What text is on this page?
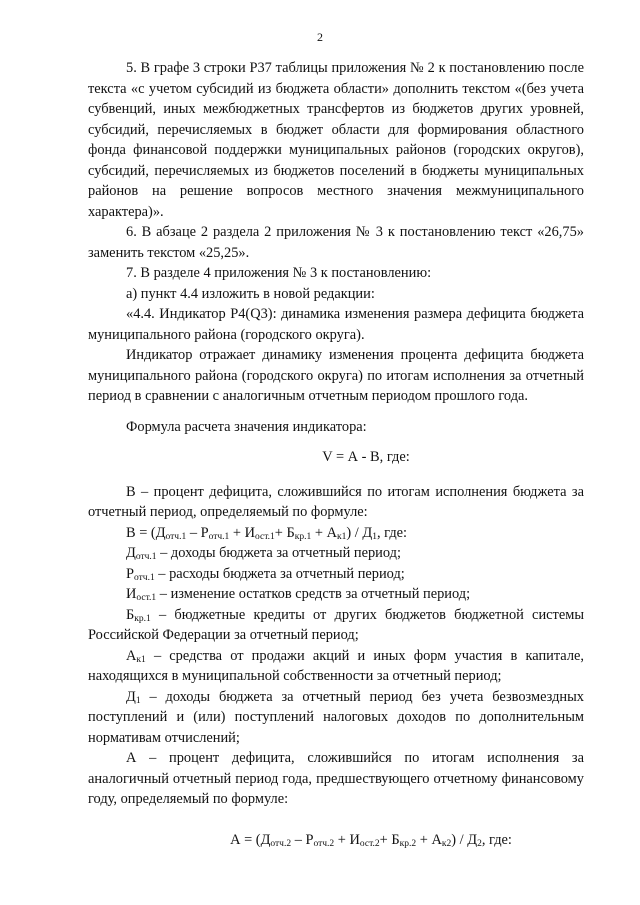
2

5. В графе 3 строки Р37 таблицы приложения № 2 к постановлению после текста «с учетом субсидий из бюджета области» дополнить текстом «(без учета субвенций, иных межбюджетных трансфертов из бюджетов других уровней, субсидий, перечисляемых в бюджет области для формирования областного фонда финансовой поддержки муниципальных районов (городских округов), субсидий, перечисляемых из бюджетов поселений в бюджеты муниципальных районов на решение вопросов местного значения межмуниципального характера)».

6. В абзаце 2 раздела 2 приложения № 3 к постановлению текст «26,75» заменить текстом «25,25».

7. В разделе 4 приложения № 3 к постановлению:

а) пункт 4.4 изложить в новой редакции:

«4.4. Индикатор Р4(Q3): динамика изменения размера дефицита бюджета муниципального района (городского округа).

Индикатор отражает динамику изменения процента дефицита бюджета муниципального района (городского округа) по итогам исполнения за отчетный период в сравнении с аналогичным отчетным периодом прошлого года.

Формула расчета значения индикатора:

V = А - В, где:

В – процент дефицита, сложившийся по итогам исполнения бюджета за отчетный период, определяемый по формуле:

$В = (Д_{отч.1} - Р_{отч.1} + И_{ост.1}+ Б_{кр.1} + А_{к1}) / Д_1$, где:

$Д_{отч.1}$ – доходы бюджета за отчетный период;

$Р_{отч.1}$ – расходы бюджета за отчетный период;

$И_{ост.1}$ – изменение остатков средств за отчетный период;

$Б_{кр.1}$ – бюджетные кредиты от других бюджетов бюджетной системы Российской Федерации за отчетный период;

$А_{к1}$ – средства от продажи акций и иных форм участия в капитале, находящихся в муниципальной собственности за отчетный период;

$Д_1$ – доходы бюджета за отчетный период без учета безвозмездных поступлений и (или) поступлений налоговых доходов по дополнительным нормативам отчислений;

А – процент дефицита, сложившийся по итогам исполнения за аналогичный отчетный период года, предшествующего отчетному финансовому году, определяемый по формуле:

$А = (Д_{отч.2} - Р_{отч.2} + И_{ост.2}+ Б_{кр.2} + А_{к2}) / Д_2$, где:
